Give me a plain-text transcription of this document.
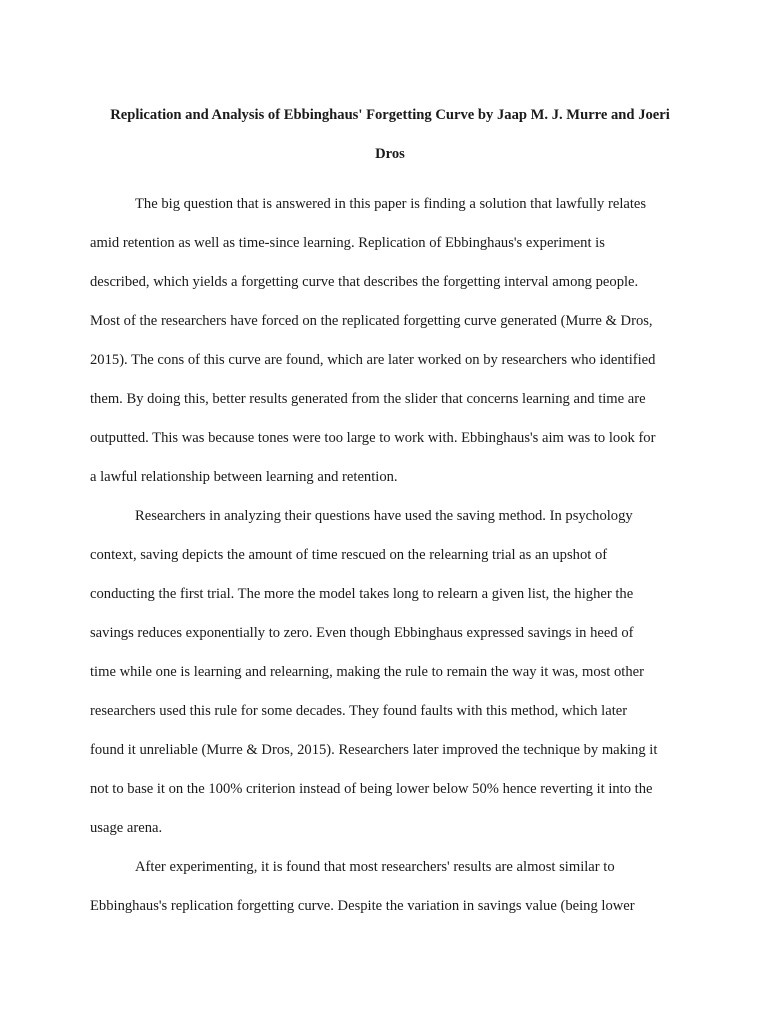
Replication and Analysis of Ebbinghaus' Forgetting Curve by Jaap M. J. Murre and Joeri
Dros
The big question that is answered in this paper is finding a solution that lawfully relates
amid retention as well as time-since learning. Replication of Ebbinghaus's experiment is
described, which yields a forgetting curve that describes the forgetting interval among people.
Most of the researchers have forced on the replicated forgetting curve generated (Murre & Dros,
2015). The cons of this curve are found, which are later worked on by researchers who identified
them. By doing this, better results generated from the slider that concerns learning and time are
outputted. This was because tones were too large to work with. Ebbinghaus's aim was to look for
a lawful relationship between learning and retention.
Researchers in analyzing their questions have used the saving method. In psychology
context, saving depicts the amount of time rescued on the relearning trial as an upshot of
conducting the first trial. The more the model takes long to relearn a given list, the higher the
savings reduces exponentially to zero. Even though Ebbinghaus expressed savings in heed of
time while one is learning and relearning, making the rule to remain the way it was, most other
researchers used this rule for some decades. They found faults with this method, which later
found it unreliable (Murre & Dros, 2015). Researchers later improved the technique by making it
not to base it on the 100% criterion instead of being lower below 50% hence reverting it into the
usage arena.
After experimenting, it is found that most researchers' results are almost similar to
Ebbinghaus's replication forgetting curve. Despite the variation in savings value (being lower
